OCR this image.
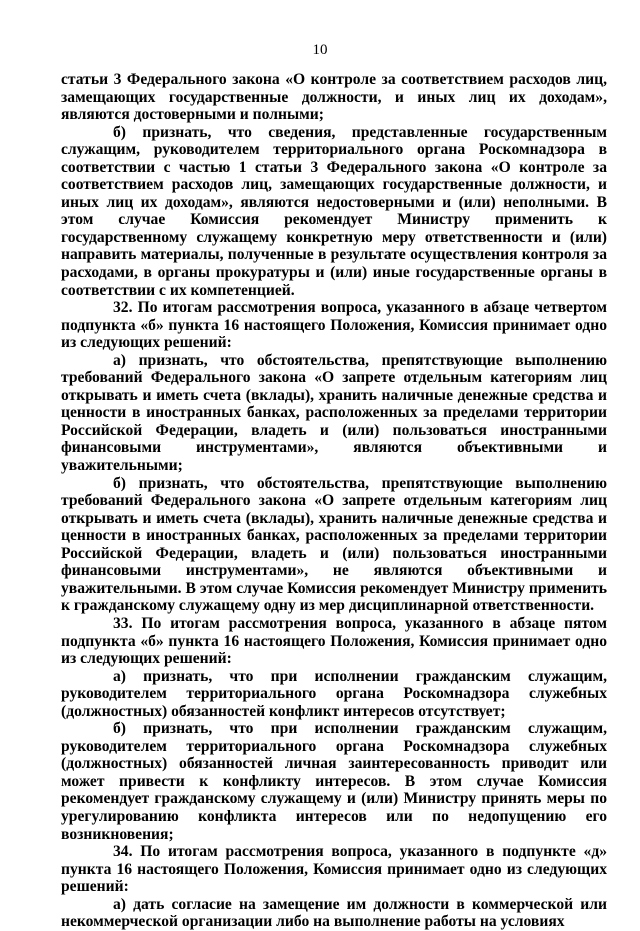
10

статьи 3 Федерального закона «О контроле за соответствием расходов лиц, замещающих государственные должности, и иных лиц их доходам», являются достоверными и полными;

б) признать, что сведения, представленные государственным служащим, руководителем территориального органа Роскомнадзора в соответствии с частью 1 статьи 3 Федерального закона «О контроле за соответствием расходов лиц, замещающих государственные должности, и иных лиц их доходам», являются недостоверными и (или) неполными. В этом случае Комиссия рекомендует Министру применить к государственному служащему конкретную меру ответственности и (или) направить материалы, полученные в результате осуществления контроля за расходами, в органы прокуратуры и (или) иные государственные органы в соответствии с их компетенцией.

32. По итогам рассмотрения вопроса, указанного в абзаце четвертом подпункта «б» пункта 16 настоящего Положения, Комиссия принимает одно из следующих решений:

а) признать, что обстоятельства, препятствующие выполнению требований Федерального закона «О запрете отдельным категориям лиц открывать и иметь счета (вклады), хранить наличные денежные средства и ценности в иностранных банках, расположенных за пределами территории Российской Федерации, владеть и (или) пользоваться иностранными финансовыми инструментами», являются объективными и уважительными;

б) признать, что обстоятельства, препятствующие выполнению требований Федерального закона «О запрете отдельным категориям лиц открывать и иметь счета (вклады), хранить наличные денежные средства и ценности в иностранных банках, расположенных за пределами территории Российской Федерации, владеть и (или) пользоваться иностранными финансовыми инструментами», не являются объективными и уважительными. В этом случае Комиссия рекомендует Министру применить к гражданскому служащему одну из мер дисциплинарной ответственности.

33. По итогам рассмотрения вопроса, указанного в абзаце пятом подпункта «б» пункта 16 настоящего Положения, Комиссия принимает одно из следующих решений:

а) признать, что при исполнении гражданским служащим, руководителем территориального органа Роскомнадзора служебных (должностных) обязанностей конфликт интересов отсутствует;

б) признать, что при исполнении гражданским служащим, руководителем территориального органа Роскомнадзора служебных (должностных) обязанностей личная заинтересованность приводит или может привести к конфликту интересов. В этом случае Комиссия рекомендует гражданскому служащему и (или) Министру принять меры по урегулированию конфликта интересов или по недопущению его возникновения;

34. По итогам рассмотрения вопроса, указанного в подпункте «д» пункта 16 настоящего Положения, Комиссия принимает одно из следующих решений:

а) дать согласие на замещение им должности в коммерческой или некоммерческой организации либо на выполнение работы на условиях
